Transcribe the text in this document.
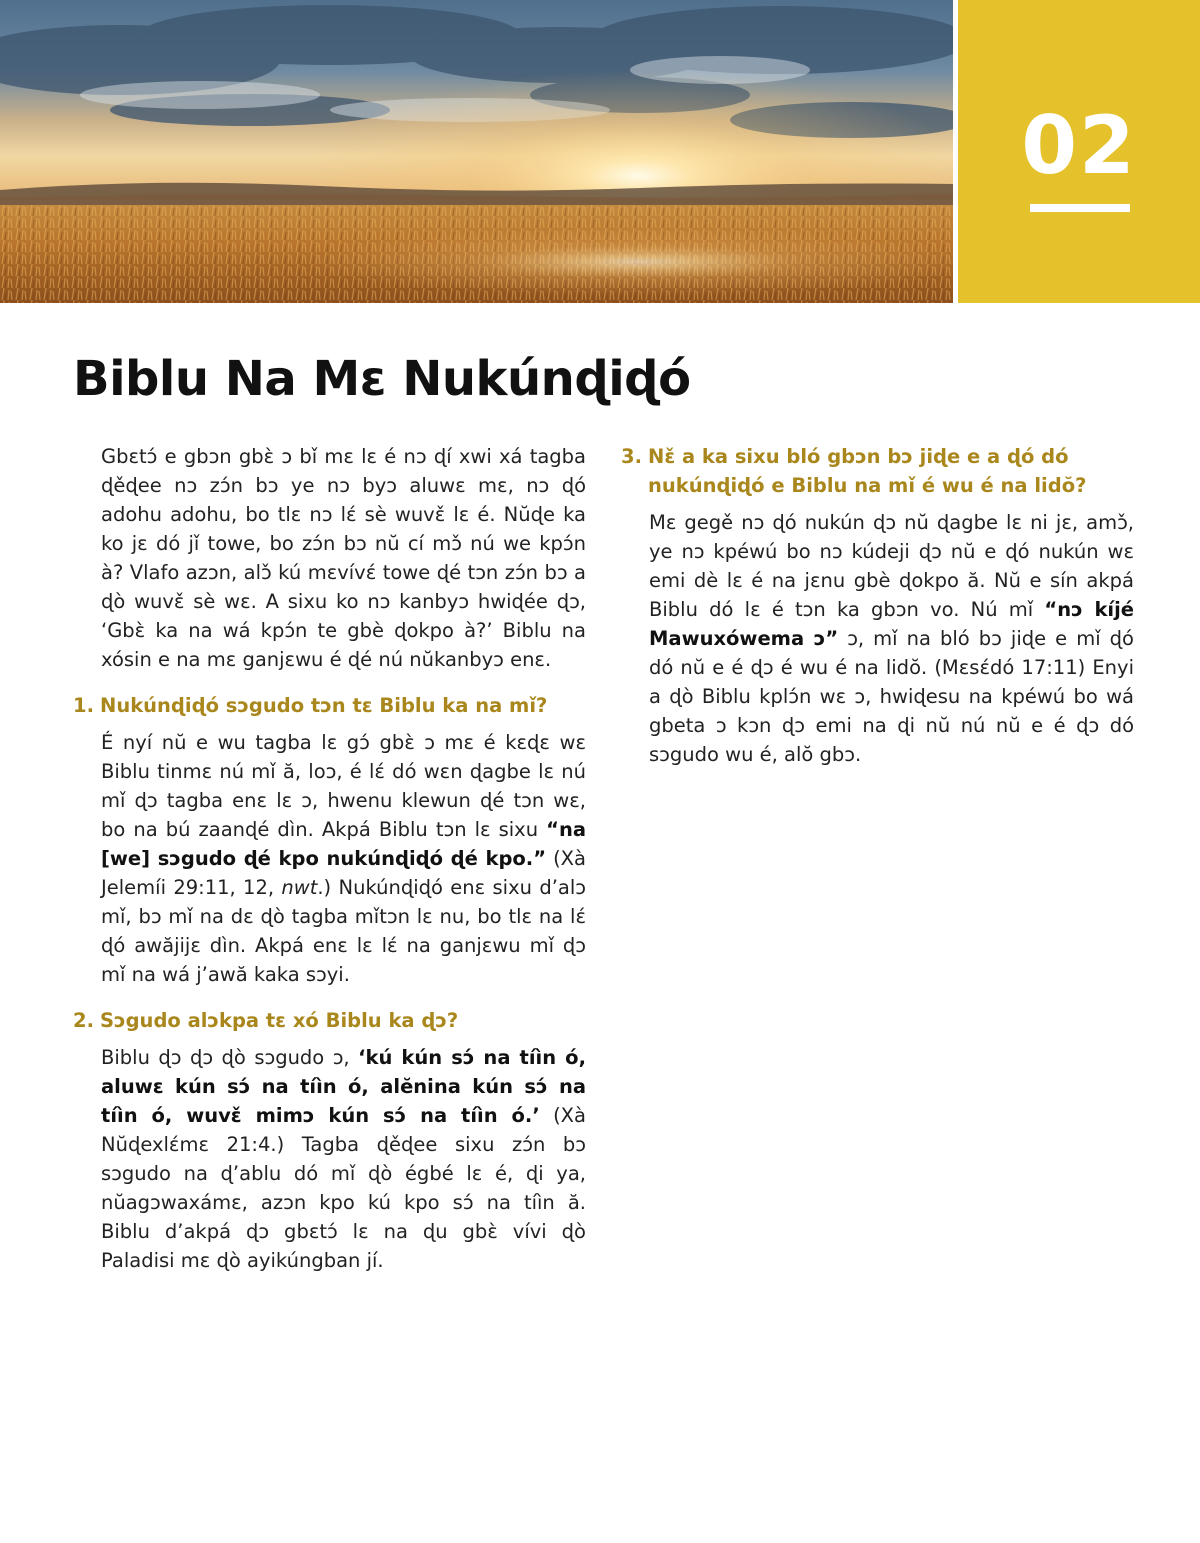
02
Biblu Na Mɛ Nukúnɖiɖó

Gbɛtɔ́ e gbɔn gbɛ̀ ɔ bǐ mɛ lɛ é nɔ ɖí xwi xá tagba ɖěɖee nɔ zɔ́n bɔ ye nɔ byɔ aluwɛ mɛ, nɔ ɖó adohu adohu, bo tlɛ nɔ lɛ́ sè wuvɛ̌ lɛ é. Nŭɖe ka ko jɛ dó jǐ towe, bo zɔ́n bɔ nŭ cí mɔ̌ nú we kpɔ́n à? Vlafo azɔn, alɔ̌ kú mɛvívɛ́ towe ɖé tɔn zɔ́n bɔ a ɖò wuvɛ̌ sè wɛ. A sixu ko nɔ kanbyɔ hwiɖée ɖɔ, ‘Gbɛ̀ ka na wá kpɔ́n te gbè ɖokpo à?’ Biblu na xósin e na mɛ ganjɛwu é ɖé nú nŭkanbyɔ enɛ.

1. Nukúnɖiɖó sɔgudo tɔn tɛ Biblu ka na mǐ?

É nyí nŭ e wu tagba lɛ gɔ́ gbɛ̀ ɔ mɛ é kɛɖɛ wɛ Biblu tinmɛ nú mǐ ă, loɔ, é lɛ́ dó wɛn ɖagbe lɛ nú mǐ ɖɔ tagba enɛ lɛ ɔ, hwenu klewun ɖé tɔn wɛ, bo na bú zaanɖé dìn. Akpá Biblu tɔn lɛ sixu “na [we] sɔgudo ɖé kpo nukúnɖiɖó ɖé kpo.” (Xà Jelemíi 29:11, 12, nwt.) Nukúnɖiɖó enɛ sixu d’alɔ mǐ, bɔ mǐ na dɛ ɖò tagba mǐtɔn lɛ nu, bo tlɛ na lɛ́ ɖó awăjijɛ dìn. Akpá enɛ lɛ lɛ́ na ganjɛwu mǐ ɖɔ mǐ na wá j’awă kaka sɔyi.

2. Sɔgudo alɔkpa tɛ xó Biblu ka ɖɔ?

Biblu ɖɔ ɖɔ ɖò sɔgudo ɔ, ‘kú kún sɔ́ na tíìn ó, aluwɛ kún sɔ́ na tíìn ó, alĕnina kún sɔ́ na tíìn ó, wuvɛ̌ mimɔ kún sɔ́ na tíìn ó.’ (Xà Nŭɖexlɛ́mɛ 21:4.) Tagba ɖěɖee sixu zɔ́n bɔ sɔgudo na ɖ’ablu dó mǐ ɖò égbé lɛ é, ɖi ya, nŭagɔwaxámɛ, azɔn kpo kú kpo sɔ́ na tíìn ă. Biblu d’akpá ɖɔ gbɛtɔ́ lɛ na ɖu gbɛ̀ vívi ɖò Paladisi mɛ ɖò ayikúngban jí.

3. Nɛ̌ a ka sixu bló gbɔn bɔ jiɖe e a ɖó dó nukúnɖiɖó e Biblu na mǐ é wu é na lidŏ?

Mɛ gegě nɔ ɖó nukún ɖɔ nŭ ɖagbe lɛ ni jɛ, amɔ̌, ye nɔ kpéwú bo nɔ kúdeji ɖɔ nŭ e ɖó nukún wɛ emi dè lɛ é na jɛnu gbè ɖokpo ă. Nŭ e sín akpá Biblu dó lɛ é tɔn ka gbɔn vo. Nú mǐ “nɔ kíjé Mawuxówema ɔ” ɔ, mǐ na bló bɔ jiɖe e mǐ ɖó dó nŭ e é ɖɔ é wu é na lidŏ. (Mɛsɛ́dó 17:11) Enyi a ɖò Biblu kplɔ́n wɛ ɔ, hwiɖesu na kpéwú bo wá gbeta ɔ kɔn ɖɔ emi na ɖi nŭ nú nŭ e é ɖɔ dó sɔgudo wu é, alŏ gbɔ.
